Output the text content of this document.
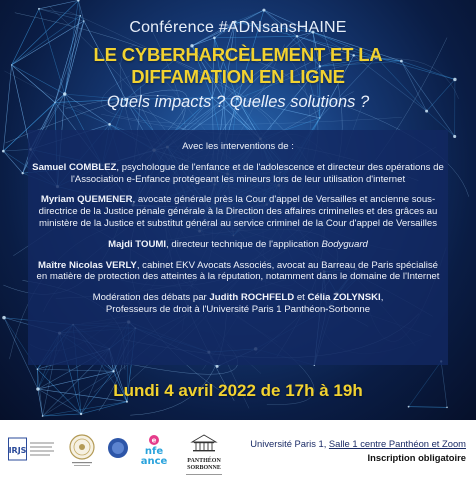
Conférence #ADNsansHAINE

LE CYBERHARCÈLEMENT ET LA
DIFFAMATION EN LIGNE

Quels impacts ? Quelles solutions ?

Avec les interventions de :

Samuel COMBLEZ, psychologue de l'enfance et de l'adolescence et directeur des opérations de l'Association e-Enfance protégeant les mineurs lors de leur utilisation d'internet

Myriam QUEMENER, avocate générale près la Cour d'appel de Versailles et ancienne sous-directrice de la Justice pénale générale à la Direction des affaires criminelles et des grâces au ministère de la Justice et substitut général au service criminel de la Cour d'appel de Versailles

Majdi TOUMI, directeur technique de l'application Bodyguard

Maître Nicolas VERLY, cabinet EKV Avocats Associés, avocat au Barreau de Paris spécialisé en matière de protection des atteintes à la réputation, notamment dans le domaine de l'Internet

Modération des débats par Judith ROCHFELD et Célia ZOLYNSKI,
Professeurs de droit à l'Université Paris 1 Panthéon-Sorbonne

Lundi 4 avril 2022 de 17h à 19h
IRJS
e
nfe
ance	PANTHÉON SORBONNE
Université Paris 1, Salle 1 centre Panthéon et Zoom
Inscription obligatoire
